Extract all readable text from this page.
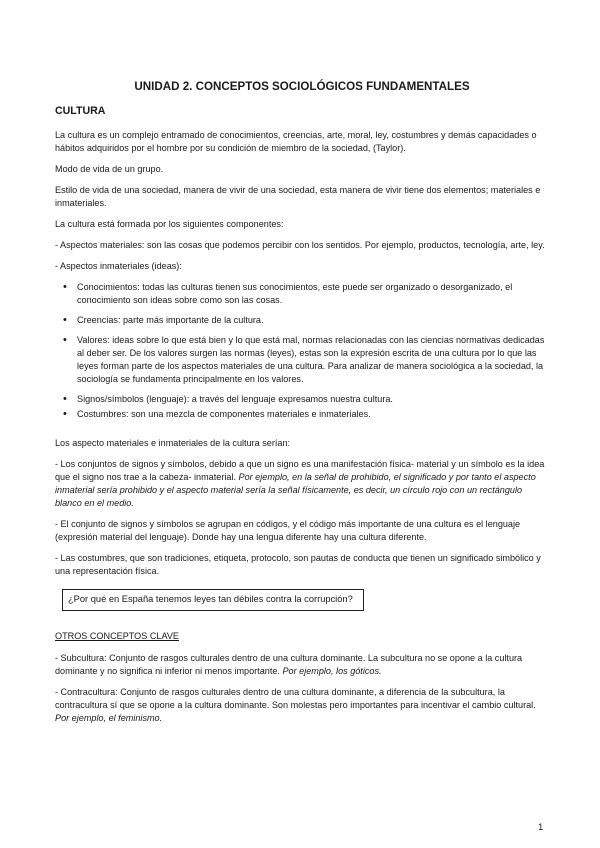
UNIDAD 2. CONCEPTOS SOCIOLÓGICOS FUNDAMENTALES
CULTURA

La cultura es un complejo entramado de conocimientos, creencias, arte, moral, ley, costumbres y demás capacidades o hábitos adquiridos por el hombre por su condición de miembro de la sociedad, (Taylor).

Modo de vida de un grupo.

Estilo de vida de una sociedad, manera de vivir de una sociedad, esta manera de vivir tiene dos elementos; materiales e inmateriales.

La cultura está formada por los siguientes componentes:

- Aspectos materiales: son las cosas que podemos percibir con los sentidos. Por ejemplo, productos, tecnología, arte, ley.

- Aspectos inmateriales (ideas):

• Conocimientos: todas las culturas tienen sus conocimientos, este puede ser organizado o desorganizado, el conocimiento son ideas sobre como son las cosas.
• Creencias: parte más importante de la cultura.
• Valores: ideas sobre lo que está bien y lo que está mal, normas relacionadas con las ciencias normativas dedicadas al deber ser. De los valores surgen las normas (leyes), estas son la expresión escrita de una cultura por lo que las leyes forman parte de los aspectos materiales de una cultura. Para analizar de manera sociológica a la sociedad, la sociología se fundamenta principalmente en los valores.
• Signos/símbolos (lenguaje): a través del lenguaje expresamos nuestra cultura.
• Costumbres: son una mezcla de componentes materiales e inmateriales.

Los aspecto materiales e inmateriales de la cultura serían:

- Los conjuntos de signos y símbolos, debido a que un signo es una manifestación física- material y un símbolo es la idea que el signo nos trae a la cabeza- inmaterial. Por ejemplo, en la señal de prohibido, el significado y por tanto el aspecto inmaterial sería prohibido y el aspecto material sería la señal físicamente, es decir, un círculo rojo con un rectángulo blanco en el medio.

- El conjunto de signos y símbolos se agrupan en códigos, y el código más importante de una cultura es el lenguaje (expresión material del lenguaje). Donde hay una lengua diferente hay una cultura diferente.

- Las costumbres, que son tradiciones, etiqueta, protocolo, son pautas de conducta que tienen un significado simbólico y una representación física.

¿Por qué en España tenemos leyes tan débiles contra la corrupción?

OTROS CONCEPTOS CLAVE

- Subcultura: Conjunto de rasgos culturales dentro de una cultura dominante. La subcultura no se opone a la cultura dominante y no significa ni inferior ni menos importante. Por ejemplo, los góticos.

- Contracultura: Conjunto de rasgos culturales dentro de una cultura dominante, a diferencia de la subcultura, la contracultura sí que se opone a la cultura dominante. Son molestas pero importantes para incentivar el cambio cultural. Por ejemplo, el feminismo.

1
